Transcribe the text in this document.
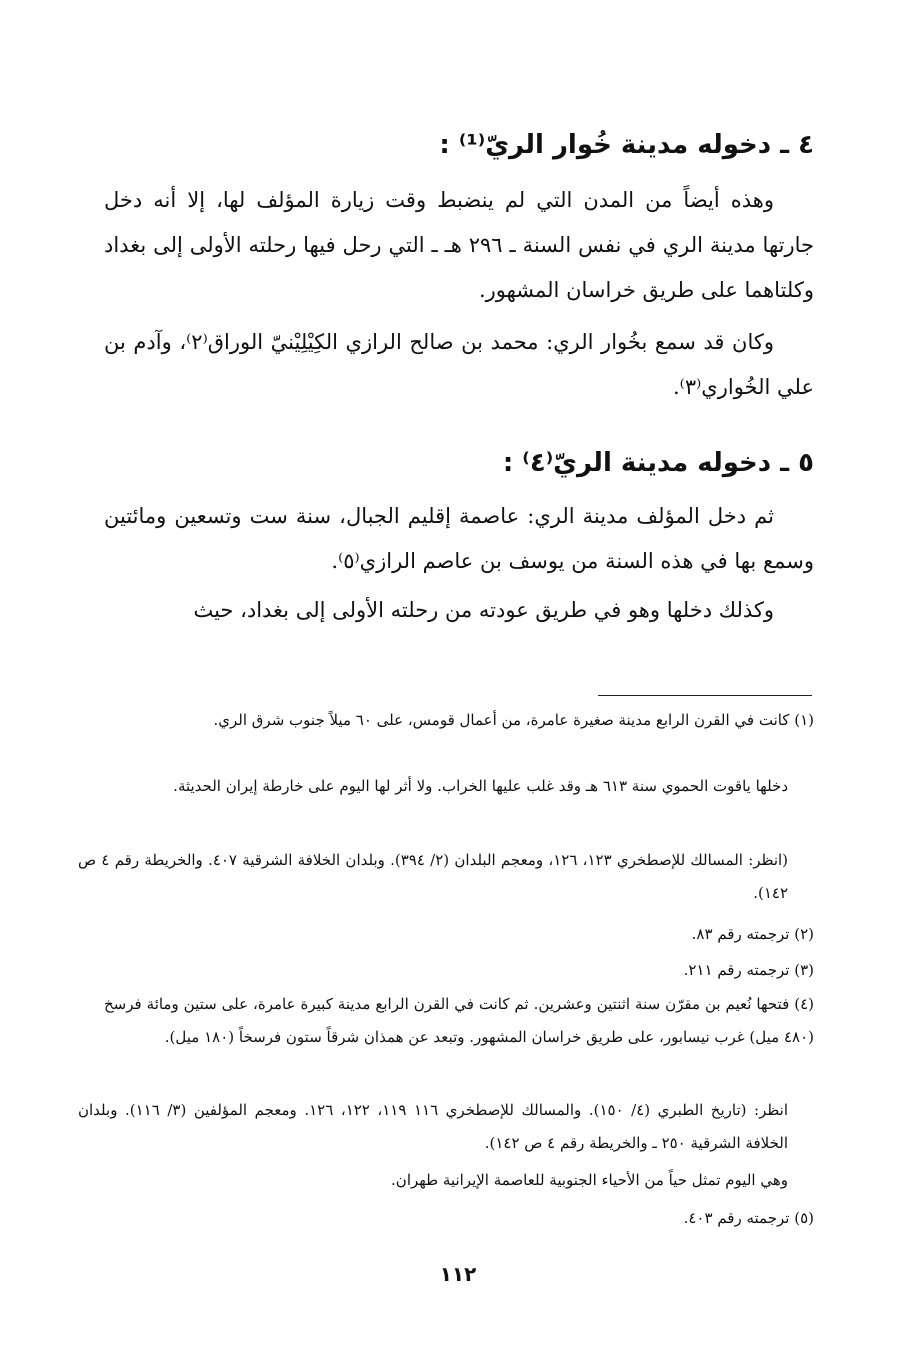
٤ ـ دخوله مدينة خُوار الريّ⁽¹⁾ :
وهذه أيضاً من المدن التي لم ينضبط وقت زيارة المؤلف لها، إلا أنه دخل جارتها مدينة الري في نفس السنة ـ ٢٩٦ هـ ـ التي رحل فيها رحلته الأولى إلى بغداد وكلتاهما على طريق خراسان المشهور.
وكان قد سمع بخُوار الري: محمد بن صالح الرازي الكِيْلِيْنيّ الوراق⁽٢⁾، وآدم بن علي الخُواري⁽٣⁾.
٥ ـ دخوله مدينة الريّ⁽٤⁾ :
ثم دخل المؤلف مدينة الري: عاصمة إقليم الجبال، سنة ست وتسعين ومائتين وسمع بها في هذه السنة من يوسف بن عاصم الرازي⁽٥⁾.
وكذلك دخلها وهو في طريق عودته من رحلته الأولى إلى بغداد، حيث
(١) كانت في القرن الرابع مدينة صغيرة عامرة، من أعمال قومس، على ٦٠ ميلاً جنوب شرق الري.
دخلها ياقوت الحموي سنة ٦١٣ هـ وقد غلب عليها الخراب. ولا أثر لها اليوم على خارطة إيران الحديثة.
(انظر: المسالك للإصطخري ١٢٣، ١٢٦، ومعجم البلدان (٢/ ٣٩٤). وبلدان الخلافة الشرقية ٤٠٧. والخريطة رقم ٤ ص ١٤٢).
(٢) ترجمته رقم ٨٣.
(٣) ترجمته رقم ٢١١.
(٤) فتحها نُعيم بن مقرّن سنة اثنتين وعشرين. ثم كانت في القرن الرابع مدينة كبيرة عامرة، على ستين ومائة فرسخ (٤٨٠ ميل) غرب نيسابور، على طريق خراسان المشهور. وتبعد عن همذان شرقاً ستون فرسخاً (١٨٠ ميل).
انظر: (تاريخ الطبري (٤/ ١٥٠). والمسالك للإصطخري ١١٦ ١١٩، ١٢٢، ١٢٦. ومعجم المؤلفين (٣/ ١١٦). وبلدان الخلافة الشرقية ٢٥٠ ـ والخريطة رقم ٤ ص ١٤٢).
وهي اليوم تمثل حياً من الأحياء الجنوبية للعاصمة الإيرانية طهران.
(٥) ترجمته رقم ٤٠٣.
١١٢
